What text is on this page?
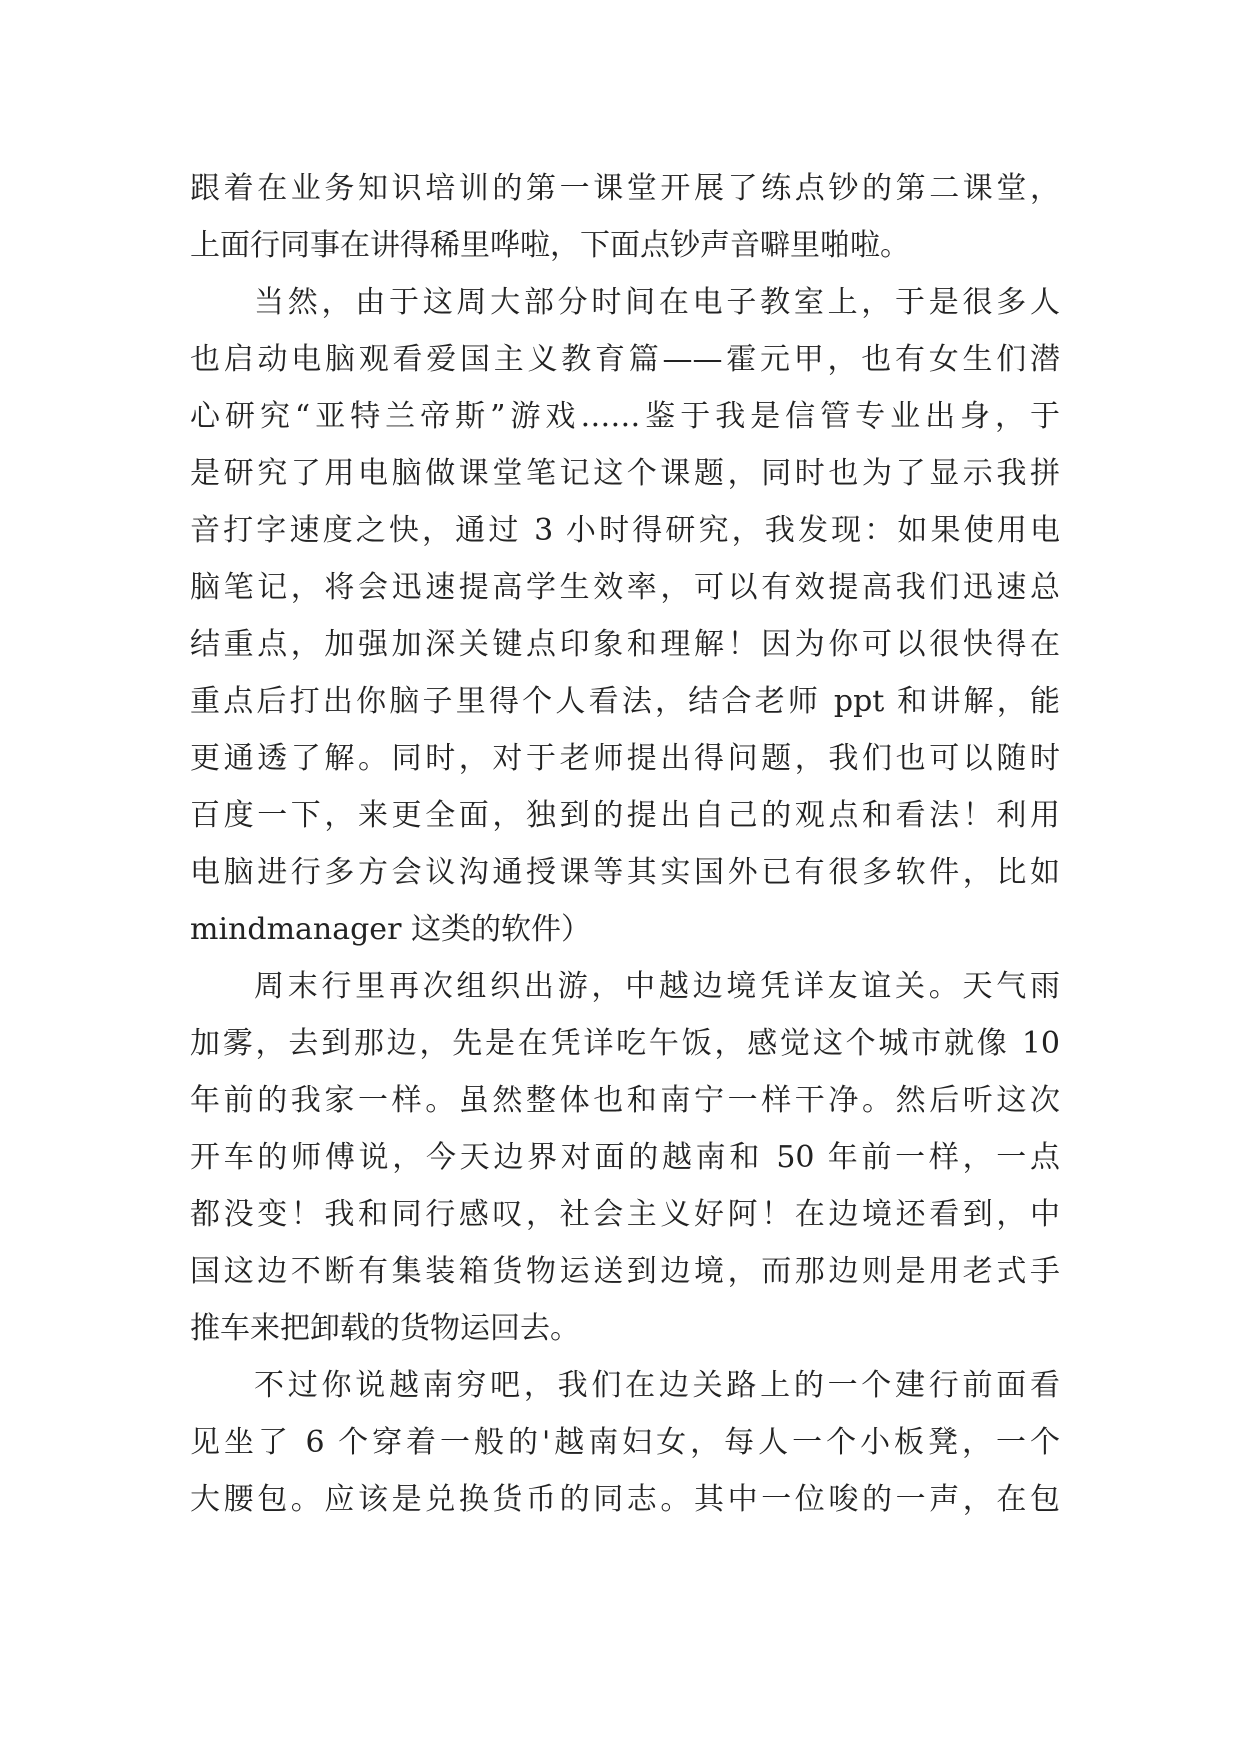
跟着在业务知识培训的第一课堂开展了练点钞的第二课堂，
上面行同事在讲得稀里哗啦，下面点钞声音噼里啪啦。
当然，由于这周大部分时间在电子教室上，于是很多人
也启动电脑观看爱国主义教育篇——霍元甲，也有女生们潜
心研究“亚特兰帝斯”游戏……鉴于我是信管专业出身，于
是研究了用电脑做课堂笔记这个课题，同时也为了显示我拼
音打字速度之快，通过 3 小时得研究，我发现：如果使用电
脑笔记，将会迅速提高学生效率，可以有效提高我们迅速总
结重点，加强加深关键点印象和理解！因为你可以很快得在
重点后打出你脑子里得个人看法，结合老师 ppt 和讲解，能
更通透了解。同时，对于老师提出得问题，我们也可以随时
百度一下，来更全面，独到的提出自己的观点和看法！利用
电脑进行多方会议沟通授课等其实国外已有很多软件，比如
mindmanager 这类的软件）
周末行里再次组织出游，中越边境凭详友谊关。天气雨
加雾，去到那边，先是在凭详吃午饭，感觉这个城市就像 10
年前的我家一样。虽然整体也和南宁一样干净。然后听这次
开车的师傅说，今天边界对面的越南和 50 年前一样，一点
都没变！我和同行感叹，社会主义好阿！在边境还看到，中
国这边不断有集装箱货物运送到边境，而那边则是用老式手
推车来把卸载的货物运回去。
不过你说越南穷吧，我们在边关路上的一个建行前面看
见坐了 6 个穿着一般的'越南妇女，每人一个小板凳，一个
大腰包。应该是兑换货币的同志。其中一位唆的一声，在包
